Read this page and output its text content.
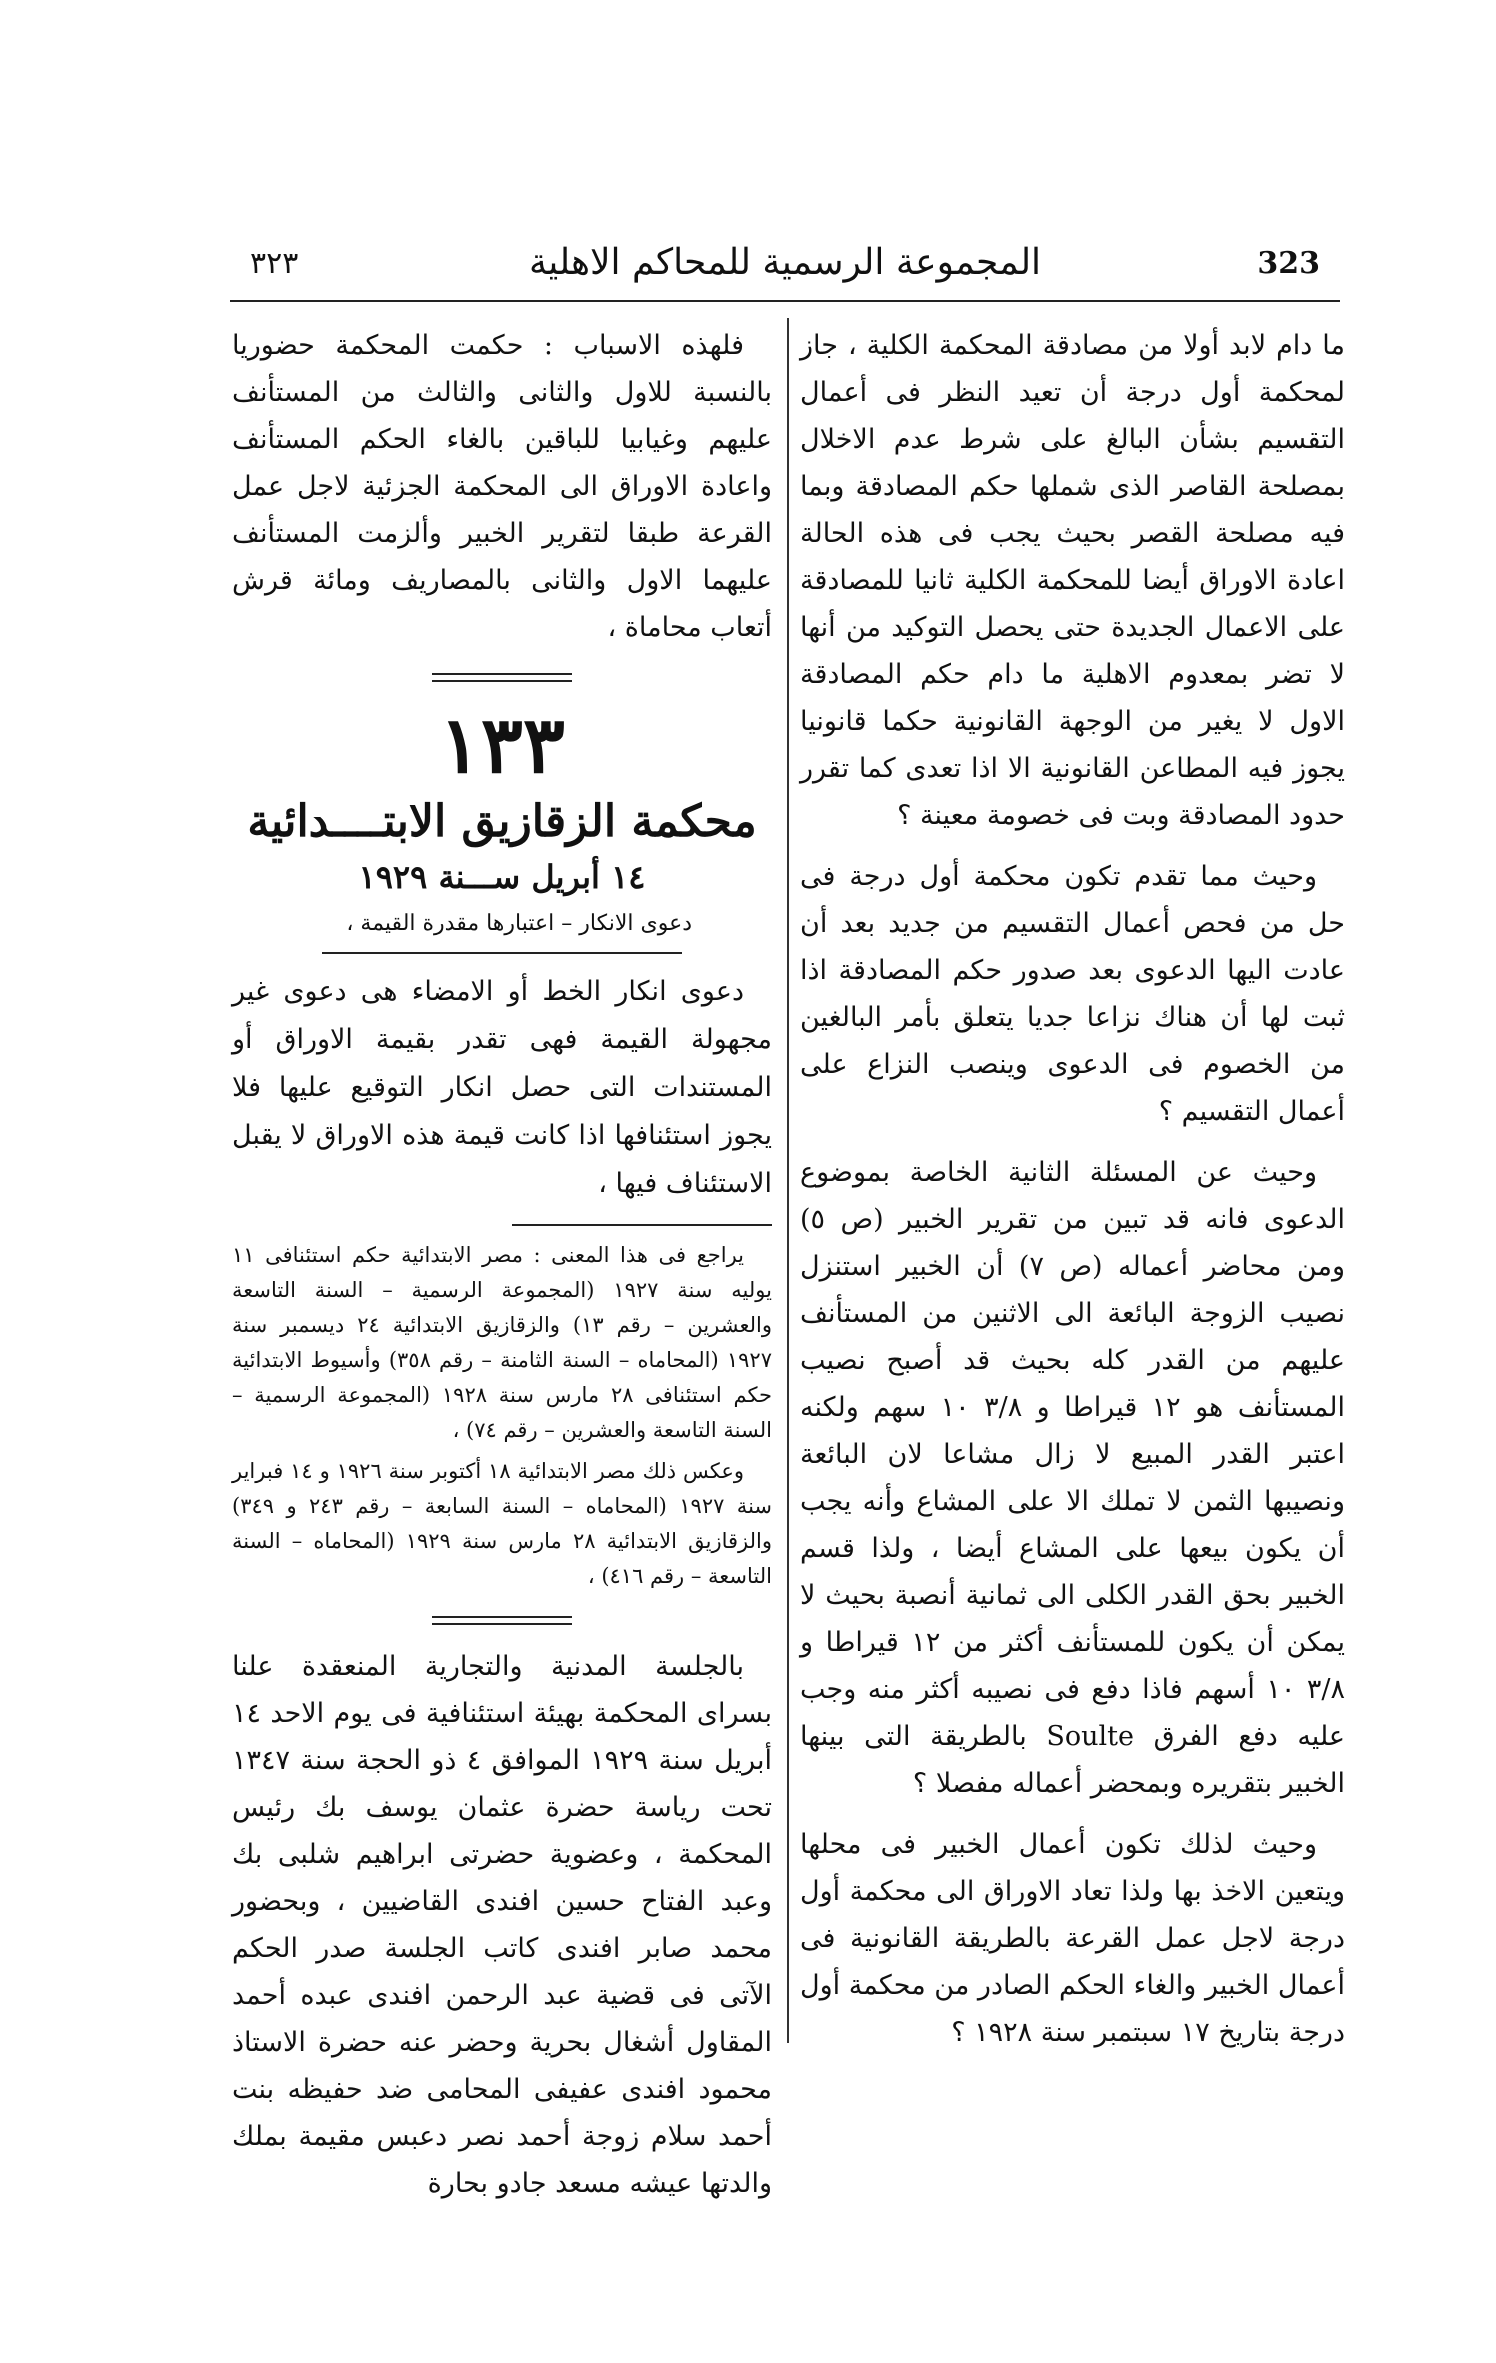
٣٢٣	المجموعة الرسمية للمحاكم الاهلية	323

ما دام لابد أولا من مصادقة المحكمة الكلية ، جاز لمحكمة أول درجة أن تعيد النظر فى أعمال التقسيم بشأن البالغ على شرط عدم الاخلال بمصلحة القاصر الذى شملها حكم المصادقة وبما فيه مصلحة القصر بحيث يجب فى هذه الحالة اعادة الاوراق أيضا للمحكمة الكلية ثانيا للمصادقة على الاعمال الجديدة حتى يحصل التوكيد من أنها لا تضر بمعدوم الاهلية ما دام حكم المصادقة الاول لا يغير من الوجهة القانونية حكما قانونيا يجوز فيه المطاعن القانونية الا اذا تعدى كما تقرر حدود المصادقة وبت فى خصومة معينة ؟

وحيث مما تقدم تكون محكمة أول درجة فى حل من فحص أعمال التقسيم من جديد بعد أن عادت اليها الدعوى بعد صدور حكم المصادقة اذا ثبت لها أن هناك نزاعا جديا يتعلق بأمر البالغين من الخصوم فى الدعوى وينصب النزاع على أعمال التقسيم ؟

وحيث عن المسئلة الثانية الخاصة بموضوع الدعوى فانه قد تبين من تقرير الخبير (ص ٥) ومن محاضر أعماله (ص ٧) أن الخبير استنزل نصيب الزوجة البائعة الى الاثنين من المستأنف عليهم من القدر كله بحيث قد أصبح نصيب المستأنف هو ١٢ قيراطا و ٣/٨ ١٠ سهم ولكنه اعتبر القدر المبيع لا زال مشاعا لان البائعة ونصيبها الثمن لا تملك الا على المشاع وأنه يجب أن يكون بيعها على المشاع أيضا ، ولذا قسم الخبير بحق القدر الكلى الى ثمانية أنصبة بحيث لا يمكن أن يكون للمستأنف أكثر من ١٢ قيراطا و ٣/٨ ١٠ أسهم فاذا دفع فى نصيبه أكثر منه وجب عليه دفع الفرق Soulte بالطريقة التى بينها الخبير بتقريره وبمحضر أعماله مفصلا ؟

وحيث لذلك تكون أعمال الخبير فى محلها ويتعين الاخذ بها ولذا تعاد الاوراق الى محكمة أول درجة لاجل عمل القرعة بالطريقة القانونية فى أعمال الخبير والغاء الحكم الصادر من محكمة أول درجة بتاريخ ١٧ سبتمبر سنة ١٩٢٨ ؟

فلهذه الاسباب : حكمت المحكمة حضوريا بالنسبة للاول والثانى والثالث من المستأنف عليهم وغيابيا للباقين بالغاء الحكم المستأنف واعادة الاوراق الى المحكمة الجزئية لاجل عمل القرعة طبقا لتقرير الخبير وألزمت المستأنف عليهما الاول والثانى بالمصاريف ومائة قرش أتعاب محاماة ،

١٣٣

محكمة الزقازيق الابتــــدائية

١٤ أبريل ســـنة ١٩٢٩

دعوى الانكار – اعتبارها مقدرة القيمة ،

دعوى انكار الخط أو الامضاء هى دعوى غير مجهولة القيمة فهى تقدر بقيمة الاوراق أو المستندات التى حصل انكار التوقيع عليها فلا يجوز استئنافها اذا كانت قيمة هذه الاوراق لا يقبل الاستئناف فيها ،

يراجع فى هذا المعنى : مصر الابتدائية حكم استئنافى ١١ يوليه سنة ١٩٢٧ (المجموعة الرسمية – السنة التاسعة والعشرين – رقم ١٣) والزقازيق الابتدائية ٢٤ ديسمبر سنة ١٩٢٧ (المحاماه – السنة الثامنة – رقم ٣٥٨) وأسيوط الابتدائية حكم استئنافى ٢٨ مارس سنة ١٩٢٨ (المجموعة الرسمية – السنة التاسعة والعشرين – رقم ٧٤) ،

وعكس ذلك مصر الابتدائية ١٨ أكتوبر سنة ١٩٢٦ و ١٤ فبراير سنة ١٩٢٧ (المحاماه – السنة السابعة – رقم ٢٤٣ و ٣٤٩) والزقازيق الابتدائية ٢٨ مارس سنة ١٩٢٩ (المحاماه – السنة التاسعة – رقم ٤١٦) ،

بالجلسة المدنية والتجارية المنعقدة علنا بسراى المحكمة بهيئة استئنافية فى يوم الاحد ١٤ أبريل سنة ١٩٢٩ الموافق ٤ ذو الحجة سنة ١٣٤٧ تحت رياسة حضرة عثمان يوسف بك رئيس المحكمة ، وعضوية حضرتى ابراهيم شلبى بك وعبد الفتاح حسين افندى القاضيين ، وبحضور محمد صابر افندى كاتب الجلسة صدر الحكم الآتى فى قضية عبد الرحمن افندى عبده أحمد المقاول أشغال بحرية وحضر عنه حضرة الاستاذ محمود افندى عفيفى المحامى ضد حفيظه بنت أحمد سلام زوجة أحمد نصر دعبس مقيمة بملك والدتها عيشه مسعد جادو بحارة
